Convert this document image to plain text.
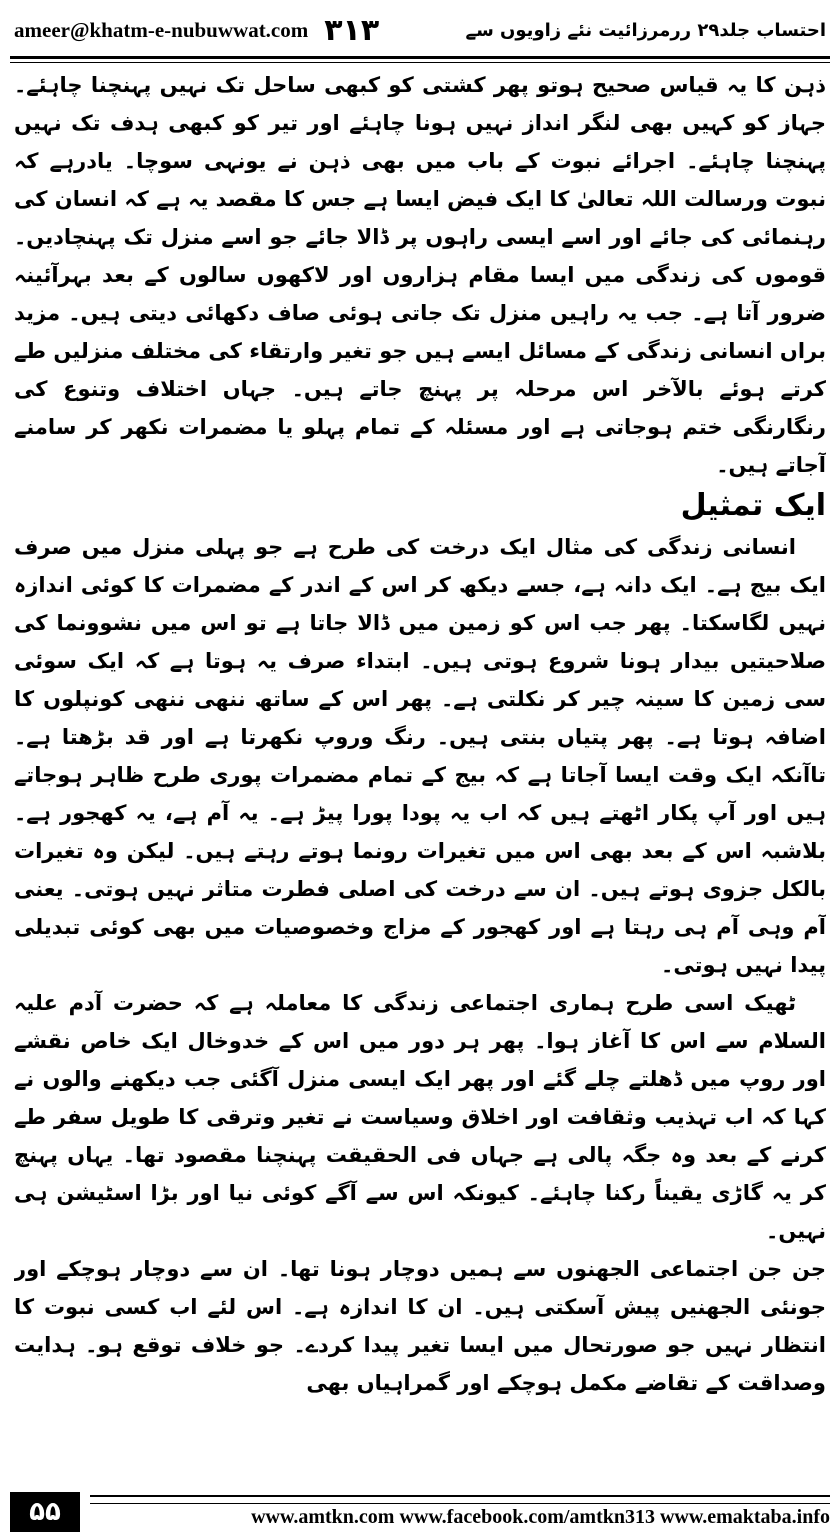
ameer@khatm-e-nubuwwat.com ۳۱۳	احتساب جلد۲۹ ررمرزائیت نئے زاویوں سے

ذہن کا یہ قیاس صحیح ہوتو پھر کشتی کو کبھی ساحل تک نہیں پہنچنا چاہئے۔ جہاز کو کہیں بھی لنگر انداز نہیں ہونا چاہئے اور تیر کو کبھی ہدف تک نہیں پہنچنا چاہئے۔ اجرائے نبوت کے باب میں بھی ذہن نے یونہی سوچا۔ یادرہے کہ نبوت ورسالت اللہ تعالیٰ کا ایک فیض ایسا ہے جس کا مقصد یہ ہے کہ انسان کی رہنمائی کی جائے اور اسے ایسی راہوں پر ڈالا جائے جو اسے منزل تک پہنچادیں۔ قوموں کی زندگی میں ایسا مقام ہزاروں اور لاکھوں سالوں کے بعد بہرآئینہ ضرور آتا ہے۔ جب یہ راہیں منزل تک جاتی ہوئی صاف دکھائی دیتی ہیں۔ مزید براں انسانی زندگی کے مسائل ایسے ہیں جو تغیر وارتقاء کی مختلف منزلیں طے کرتے ہوئے بالآخر اس مرحلہ پر پہنچ جاتے ہیں۔ جہاں اختلاف وتنوع کی رنگارنگی ختم ہوجاتی ہے اور مسئلہ کے تمام پہلو یا مضمرات نکھر کر سامنے آجاتے ہیں۔

ایک تمثیل

انسانی زندگی کی مثال ایک درخت کی طرح ہے جو پہلی منزل میں صرف ایک بیج ہے۔ ایک دانہ ہے، جسے دیکھ کر اس کے اندر کے مضمرات کا کوئی اندازہ نہیں لگاسکتا۔ پھر جب اس کو زمین میں ڈالا جاتا ہے تو اس میں نشوونما کی صلاحیتیں بیدار ہونا شروع ہوتی ہیں۔ ابتداء صرف یہ ہوتا ہے کہ ایک سوئی سی زمین کا سینہ چیر کر نکلتی ہے۔ پھر اس کے ساتھ ننھی ننھی کونپلوں کا اضافہ ہوتا ہے۔ پھر پتیاں بنتی ہیں۔ رنگ وروپ نکھرتا ہے اور قد بڑھتا ہے۔ تاآنکہ ایک وقت ایسا آجاتا ہے کہ بیج کے تمام مضمرات پوری طرح ظاہر ہوجاتے ہیں اور آپ پکار اٹھتے ہیں کہ اب یہ پودا پورا پیڑ ہے۔ یہ آم ہے، یہ کھجور ہے۔ بلاشبہ اس کے بعد بھی اس میں تغیرات رونما ہوتے رہتے ہیں۔ لیکن وہ تغیرات بالکل جزوی ہوتے ہیں۔ ان سے درخت کی اصلی فطرت متاثر نہیں ہوتی۔ یعنی آم وہی آم ہی رہتا ہے اور کھجور کے مزاج وخصوصیات میں بھی کوئی تبدیلی پیدا نہیں ہوتی۔

ٹھیک اسی طرح ہماری اجتماعی زندگی کا معاملہ ہے کہ حضرت آدم علیہ السلام سے اس کا آغاز ہوا۔ پھر ہر دور میں اس کے خدوخال ایک خاص نقشے اور روپ میں ڈھلتے چلے گئے اور پھر ایک ایسی منزل آگئی جب دیکھنے والوں نے کہا کہ اب تہذیب وثقافت اور اخلاق وسیاست نے تغیر وترقی کا طویل سفر طے کرنے کے بعد وہ جگہ پالی ہے جہاں فی الحقیقت پہنچنا مقصود تھا۔ یہاں پہنچ کر یہ گاڑی یقیناً رکنا چاہئے۔ کیونکہ اس سے آگے کوئی نیا اور بڑا اسٹیشن ہی نہیں۔

جن جن اجتماعی الجھنوں سے ہمیں دوچار ہونا تھا۔ ان سے دوچار ہوچکے اور جونئی الجھنیں پیش آسکتی ہیں۔ ان کا اندازہ ہے۔ اس لئے اب کسی نبوت کا انتظار نہیں جو صورتحال میں ایسا تغیر پیدا کردے۔ جو خلاف توقع ہو۔ ہدایت وصداقت کے تقاضے مکمل ہوچکے اور گمراہیاں بھی

۵۵	www.amtkn.com www.facebook.com/amtkn313 www.emaktaba.info
